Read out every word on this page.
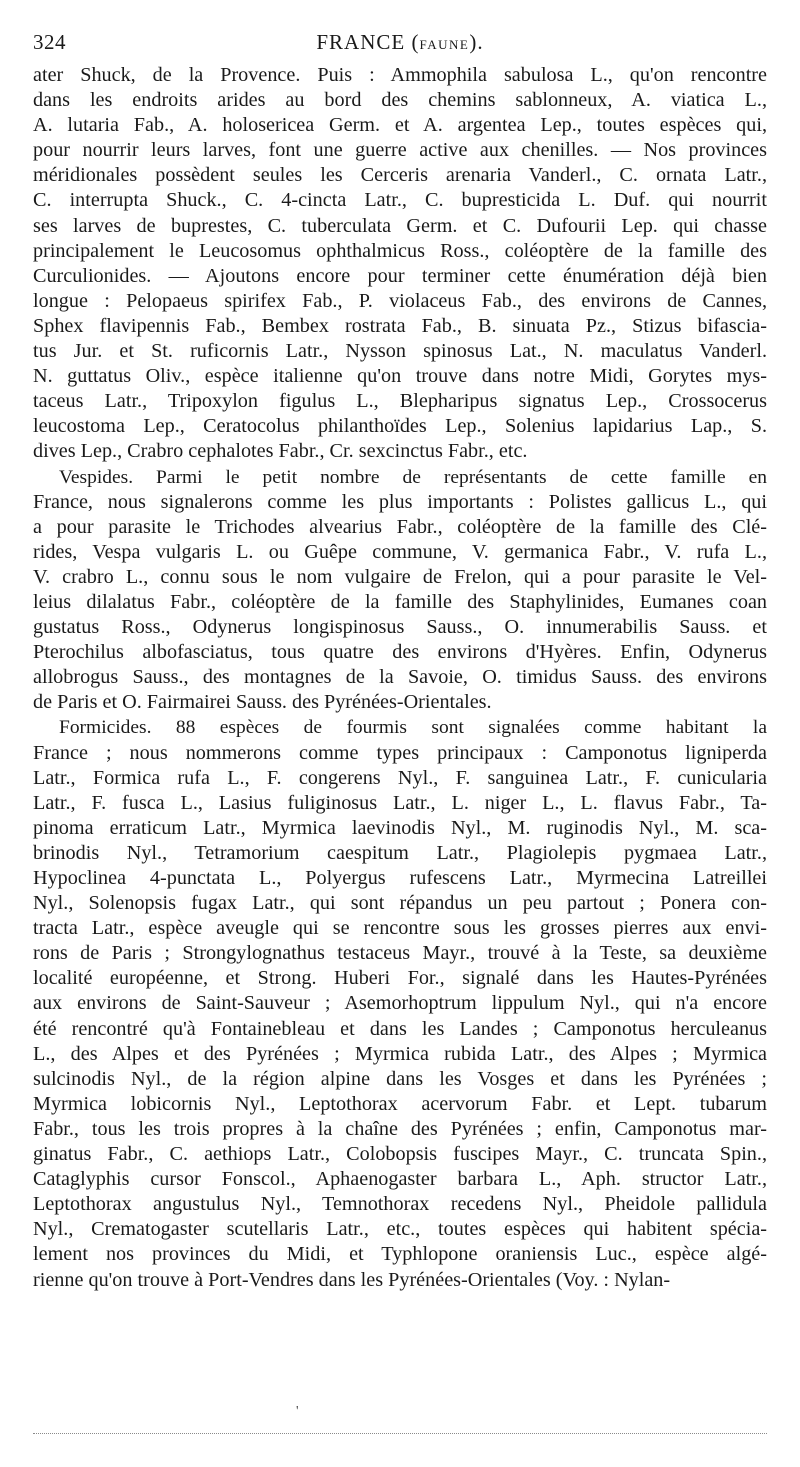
324	FRANCE (FAUNE).
ater Shuck, de la Provence. Puis : Ammophila sabulosa L., qu'on rencontre
dans les endroits arides au bord des chemins sablonneux, A. viatica L.,
A. lutaria Fab., A. holosericea Germ. et A. argentea Lep., toutes espèces qui,
pour nourrir leurs larves, font une guerre active aux chenilles. — Nos provinces
méridionales possèdent seules les Cerceris arenaria Vanderl., C. ornata Latr.,
C. interrupta Shuck., C. 4-cincta Latr., C. bupresticida L. Duf. qui nourrit
ses larves de buprestes, C. tuberculata Germ. et C. Dufourii Lep. qui chasse
principalement le Leucosomus ophthalmicus Ross., coléoptère de la famille des
Curculionides. — Ajoutons encore pour terminer cette énumération déjà bien
longue : Pelopaeus spirifex Fab., P. violaceus Fab., des environs de Cannes,
Sphex flavipennis Fab., Bembex rostrata Fab., B. sinuata Pz., Stizus bifascia-
tus Jur. et St. ruficornis Latr., Nysson spinosus Lat., N. maculatus Vanderl.
N. guttatus Oliv., espèce italienne qu'on trouve dans notre Midi, Gorytes mys-
taceus Latr., Tripoxylon figulus L., Blepharipus signatus Lep., Crossocerus
leucostoma Lep., Ceratocolus philanthoïdes Lep., Solenius lapidarius Lap., S.
dives Lep., Crabro cephalotes Fabr., Cr. sexcinctus Fabr., etc.
Vespides. Parmi le petit nombre de représentants de cette famille en
France, nous signalerons comme les plus importants : Polistes gallicus L., qui
a pour parasite le Trichodes alvearius Fabr., coléoptère de la famille des Clé-
rides, Vespa vulgaris L. ou Guêpe commune, V. germanica Fabr., V. rufa L.,
V. crabro L., connu sous le nom vulgaire de Frelon, qui a pour parasite le Vel-
leius dilalatus Fabr., coléoptère de la famille des Staphylinides, Eumanes coan
gustatus Ross., Odynerus longispinosus Sauss., O. innumerabilis Sauss. et
Pterochilus albofasciatus, tous quatre des environs d'Hyères. Enfin, Odynerus
allobrogus Sauss., des montagnes de la Savoie, O. timidus Sauss. des environs
de Paris et O. Fairmairei Sauss. des Pyrénées-Orientales.
Formicides. 88 espèces de fourmis sont signalées comme habitant la
France ; nous nommerons comme types principaux : Camponotus ligniperda
Latr., Formica rufa L., F. congerens Nyl., F. sanguinea Latr., F. cunicularia
Latr., F. fusca L., Lasius fuliginosus Latr., L. niger L., L. flavus Fabr., Ta-
pinoma erraticum Latr., Myrmica laevinodis Nyl., M. ruginodis Nyl., M. sca-
brinodis Nyl., Tetramorium caespitum Latr., Plagiolepis pygmaea Latr.,
Hypoclinea 4-punctata L., Polyergus rufescens Latr., Myrmecina Latreillei
Nyl., Solenopsis fugax Latr., qui sont répandus un peu partout ; Ponera con-
tracta Latr., espèce aveugle qui se rencontre sous les grosses pierres aux envi-
rons de Paris ; Strongylognathus testaceus Mayr., trouvé à la Teste, sa deuxième
localité européenne, et Strong. Huberi For., signalé dans les Hautes-Pyrénées
aux environs de Saint-Sauveur ; Asemorhoptrum lippulum Nyl., qui n'a encore
été rencontré qu'à Fontainebleau et dans les Landes ; Camponotus herculeanus
L., des Alpes et des Pyrénées ; Myrmica rubida Latr., des Alpes ; Myrmica
sulcinodis Nyl., de la région alpine dans les Vosges et dans les Pyrénées ;
Myrmica lobicornis Nyl., Leptothorax acervorum Fabr. et Lept. tubarum
Fabr., tous les trois propres à la chaîne des Pyrénées ; enfin, Camponotus mar-
ginatus Fabr., C. aethiops Latr., Colobopsis fuscipes Mayr., C. truncata Spin.,
Cataglyphis cursor Fonscol., Aphaenogaster barbara L., Aph. structor Latr.,
Leptothorax angustulus Nyl., Temnothorax recedens Nyl., Pheidole pallidula
Nyl., Crematogaster scutellaris Latr., etc., toutes espèces qui habitent spécia-
lement nos provinces du Midi, et Typhlopone oraniensis Luc., espèce algé-
rienne qu'on trouve à Port-Vendres dans les Pyrénées-Orientales (Voy. : Nylan-
'
